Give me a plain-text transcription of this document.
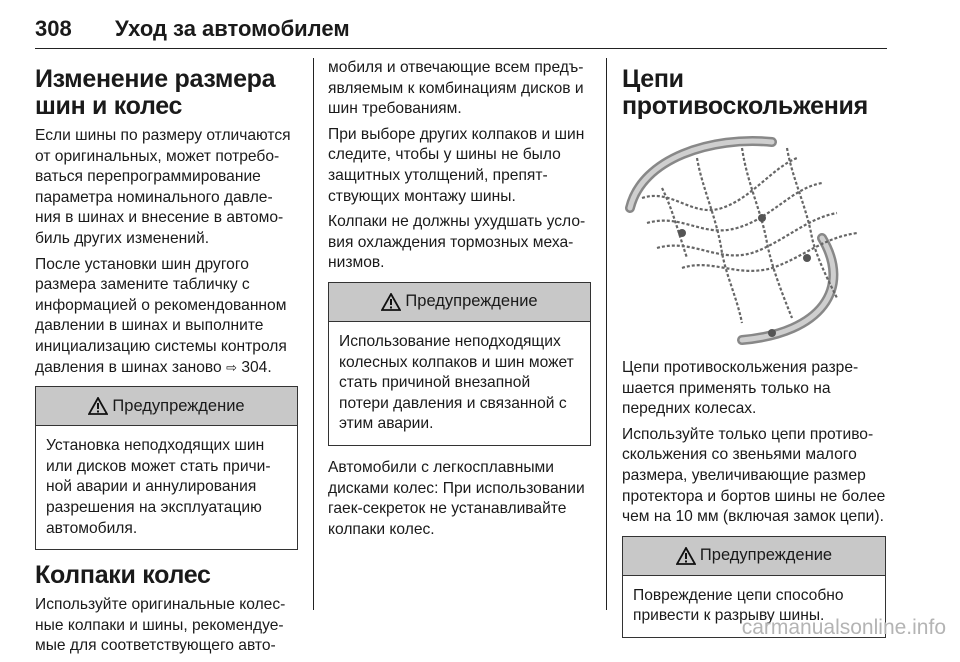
308 Уход за автомобилем
Изменение размера шин и колес

Если шины по размеру отличаются от оригинальных, может потребо‐ваться перепрограммирование параметра номинального давле‐ния в шинах и внесение в автомо‐биль других изменений.

После установки шин другого размера замените табличку с информацией о рекомендованном давлении в шинах и выполните инициализацию системы контроля давления в шинах заново ⇨ 304.

Предупреждение
Установка неподходящих шин или дисков может стать причи‐ной аварии и аннулирования разрешения на эксплуатацию автомобиля.
Колпаки колес

Используйте оригинальные колес‐ные колпаки и шины, рекомендуе‐мые для соответствующего авто‐

мобиля и отвечающие всем предъ‐являемым к комбинациям дисков и шин требованиям.

При выборе других колпаков и шин следите, чтобы у шины не было защитных утолщений, препят‐ствующих монтажу шины.

Колпаки не должны ухудшать усло‐вия охлаждения тормозных меха‐низмов.

Предупреждение
Использование неподходящих колесных колпаков и шин может стать причиной внезапной потери давления и связанной с этим аварии.

Автомобили с легкосплавными дисками колес: При использовании гаек-секреток не устанавливайте колпаки колес.

Цепи противоскольжения

Цепи противоскольжения разре‐шается применять только на передних колесах.

Используйте только цепи противо‐скольжения со звеньями малого размера, увеличивающие размер протектора и бортов шины не более чем на 10 мм (включая замок цепи).

Предупреждение
Повреждение цепи способно привести к разрыву шины.
carmanualsonline.info
